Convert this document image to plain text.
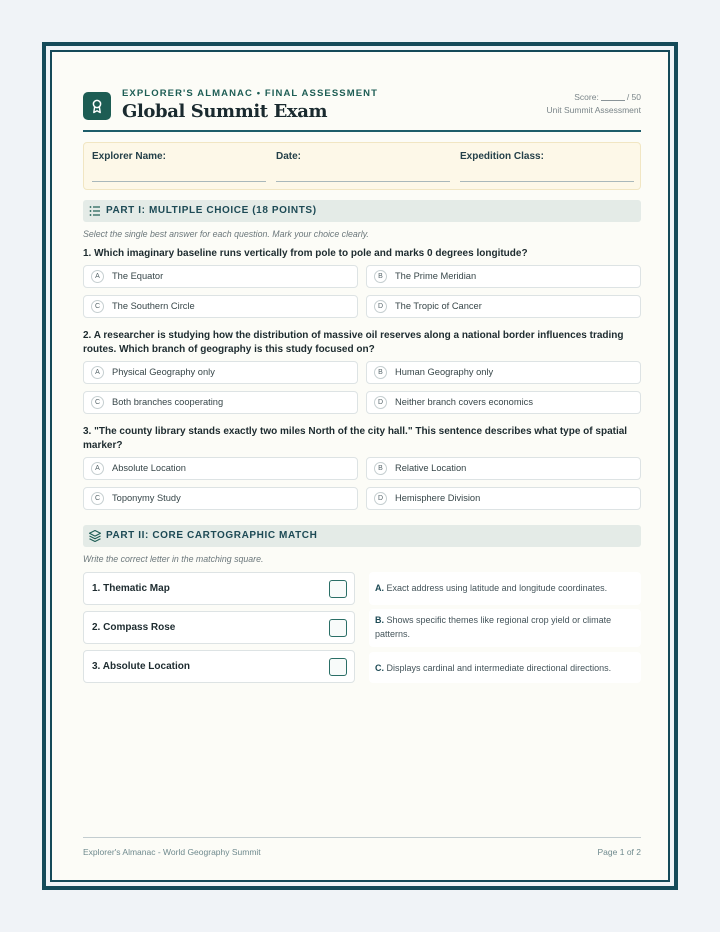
EXPLORER'S ALMANAC • FINAL ASSESSMENT
Global Summit Exam
Score:	/ 50
Unit Summit Assessment
Explorer Name:	Date:	Expedition Class:
PART I: MULTIPLE CHOICE (18 POINTS)
Select the single best answer for each question. Mark your choice clearly.
1. Which imaginary baseline runs vertically from pole to pole and marks 0 degrees longitude?
A	The Equator	B	The Prime Meridian
C	The Southern Circle	D	The Tropic of Cancer
2. A researcher is studying how the distribution of massive oil reserves along a national border influences trading routes. Which branch of geography is this study focused on?
A	Physical Geography only	B	Human Geography only
C	Both branches cooperating	D	Neither branch covers economics
3. "The county library stands exactly two miles North of the city hall." This sentence describes what type of spatial marker?
A	Absolute Location	B	Relative Location
C	Toponymy Study	D	Hemisphere Division
PART II: CORE CARTOGRAPHIC MATCH
Write the correct letter in the matching square.
1. Thematic Map
2. Compass Rose
3. Absolute Location
A. Exact address using latitude and longitude coordinates.
B. Shows specific themes like regional crop yield or climate patterns.
C. Displays cardinal and intermediate directional directions.
Explorer's Almanac - World Geography Summit	Page 1 of 2
